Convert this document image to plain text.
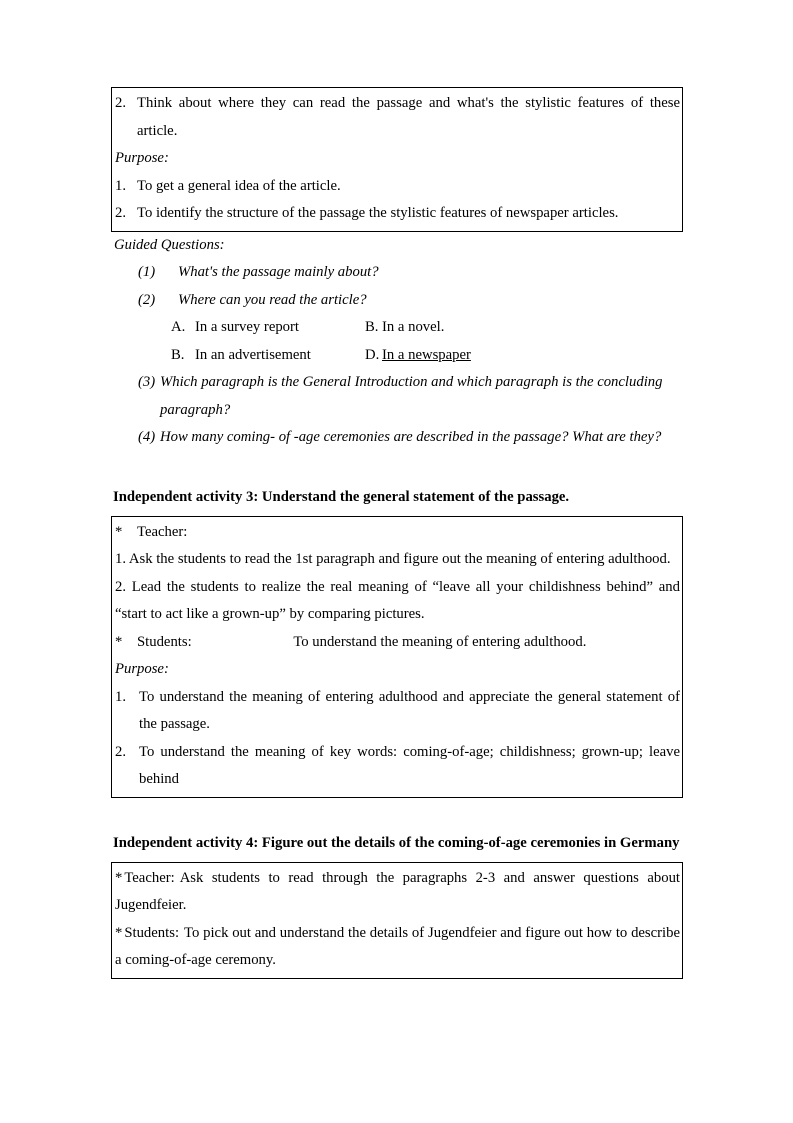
2. Think about where they can read the passage and what's the stylistic features of these article.
Purpose:
1. To get a general idea of the article.
2. To identify the structure of the passage the stylistic features of newspaper articles.
Guided Questions:
(1)	What's the passage mainly about?
(2)	Where can you read the article?
A. In a survey report	B. In a novel.
B. In an advertisement	D. In a newspaper
(3) Which paragraph is the General Introduction and which paragraph is the concluding paragraph?
(4) How many coming- of -age ceremonies are described in the passage? What are they?
Independent activity 3: Understand the general statement of the passage.
* Teacher:
1. Ask the students to read the 1st paragraph and figure out the meaning of entering adulthood.
2. Lead the students to realize the real meaning of “leave all your childishness behind” and “start to act like a grown-up” by comparing pictures.
* Students:	To understand the meaning of entering adulthood.
Purpose:
1. To understand the meaning of entering adulthood and appreciate the general statement of the passage.
2. To understand the meaning of key words: coming-of-age; childishness; grown-up; leave behind
Independent activity 4: Figure out the details of the coming-of-age ceremonies in Germany
* Teacher: Ask students to read through the paragraphs 2-3 and answer questions about Jugendfeier.
* Students: To pick out and understand the details of Jugendfeier and figure out how to describe a coming-of-age ceremony.
